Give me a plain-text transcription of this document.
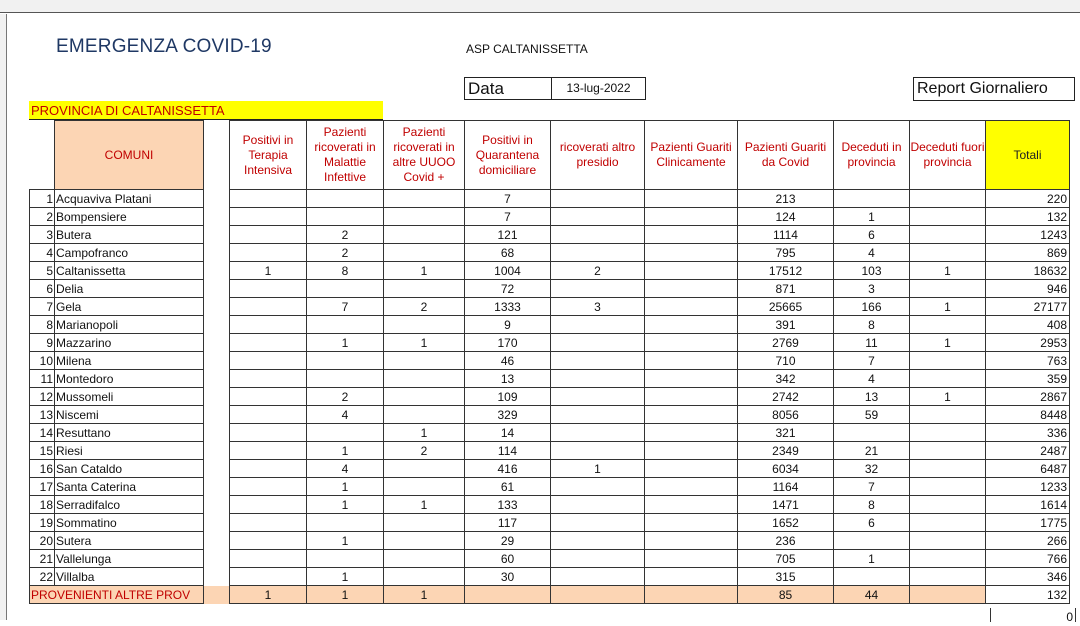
EMERGENZA COVID-19	ASP CALTANISSETTA
Data	13-lug-2022	Report Giornaliero
PROVINCIA DI CALTANISSETTA
	COMUNI		Positivi in Terapia Intensiva	Pazienti ricoverati in Malattie Infettive	Pazienti ricoverati in altre UUOO Covid +	Positivi in Quarantena domiciliare	ricoverati altro presidio	Pazienti Guariti Clinicamente	Pazienti Guariti da Covid	Deceduti in provincia	Deceduti fuori provincia	Totali
1	Acquaviva Platani					7			213			220
2	Bompensiere					7			124	1		132
3	Butera			2		121			1114	6		1243
4	Campofranco			2		68			795	4		869
5	Caltanissetta		1	8	1	1004	2		17512	103	1	18632
6	Delia					72			871	3		946
7	Gela			7	2	1333	3		25665	166	1	27177
8	Marianopoli					9			391	8		408
9	Mazzarino			1	1	170			2769	11	1	2953
10	Milena					46			710	7		763
11	Montedoro					13			342	4		359
12	Mussomeli			2		109			2742	13	1	2867
13	Niscemi			4		329			8056	59		8448
14	Resuttano				1	14			321			336
15	Riesi			1	2	114			2349	21		2487
16	San Cataldo			4		416	1		6034	32		6487
17	Santa Caterina			1		61			1164	7		1233
18	Serradifalco			1	1	133			1471	8		1614
19	Sommatino					117			1652	6		1775
20	Sutera			1		29			236			266
21	Vallelunga					60			705	1		766
22	Villalba			1		30			315			346
PROVENIENTI ALTRE PROV			1	1	1				85	44		132
0
